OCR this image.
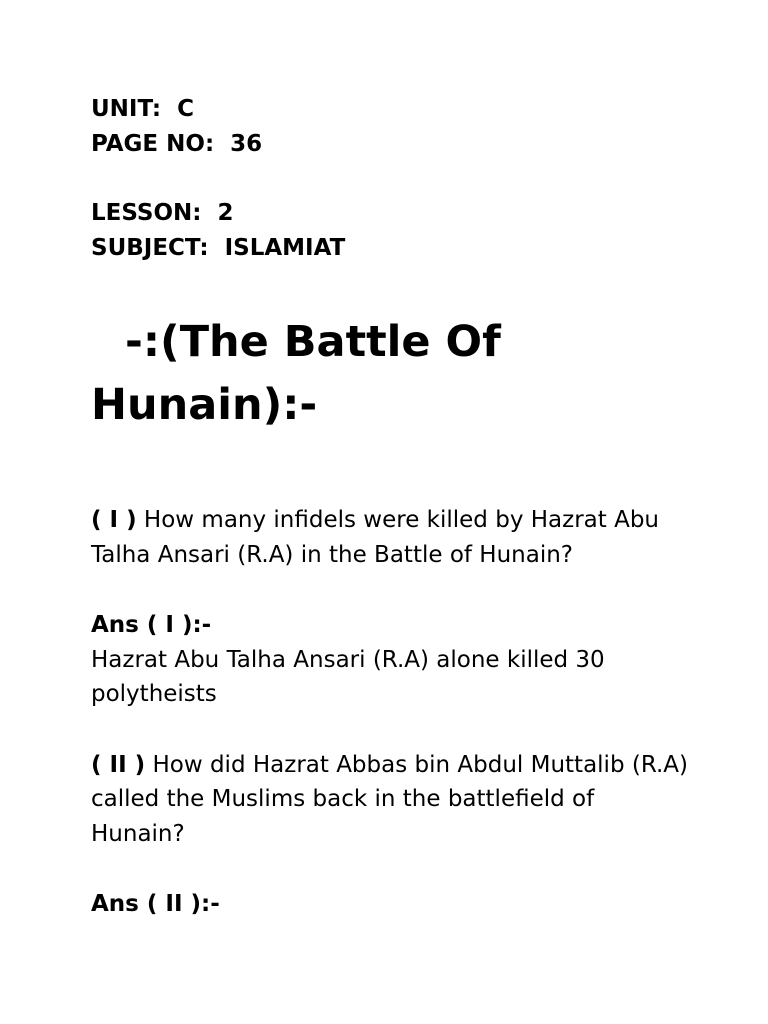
UNIT: C
PAGE NO: 36
LESSON: 2
SUBJECT: ISLAMIAT
-:(The Battle Of Hunain):-
( I ) How many infidels were killed by Hazrat Abu Talha Ansari (R.A) in the Battle of Hunain?
Ans ( I ):-
Hazrat Abu Talha Ansari (R.A) alone killed 30 polytheists
( II ) How did Hazrat Abbas bin Abdul Muttalib (R.A) called the Muslims back in the battlefield of Hunain?
Ans ( II ):-
